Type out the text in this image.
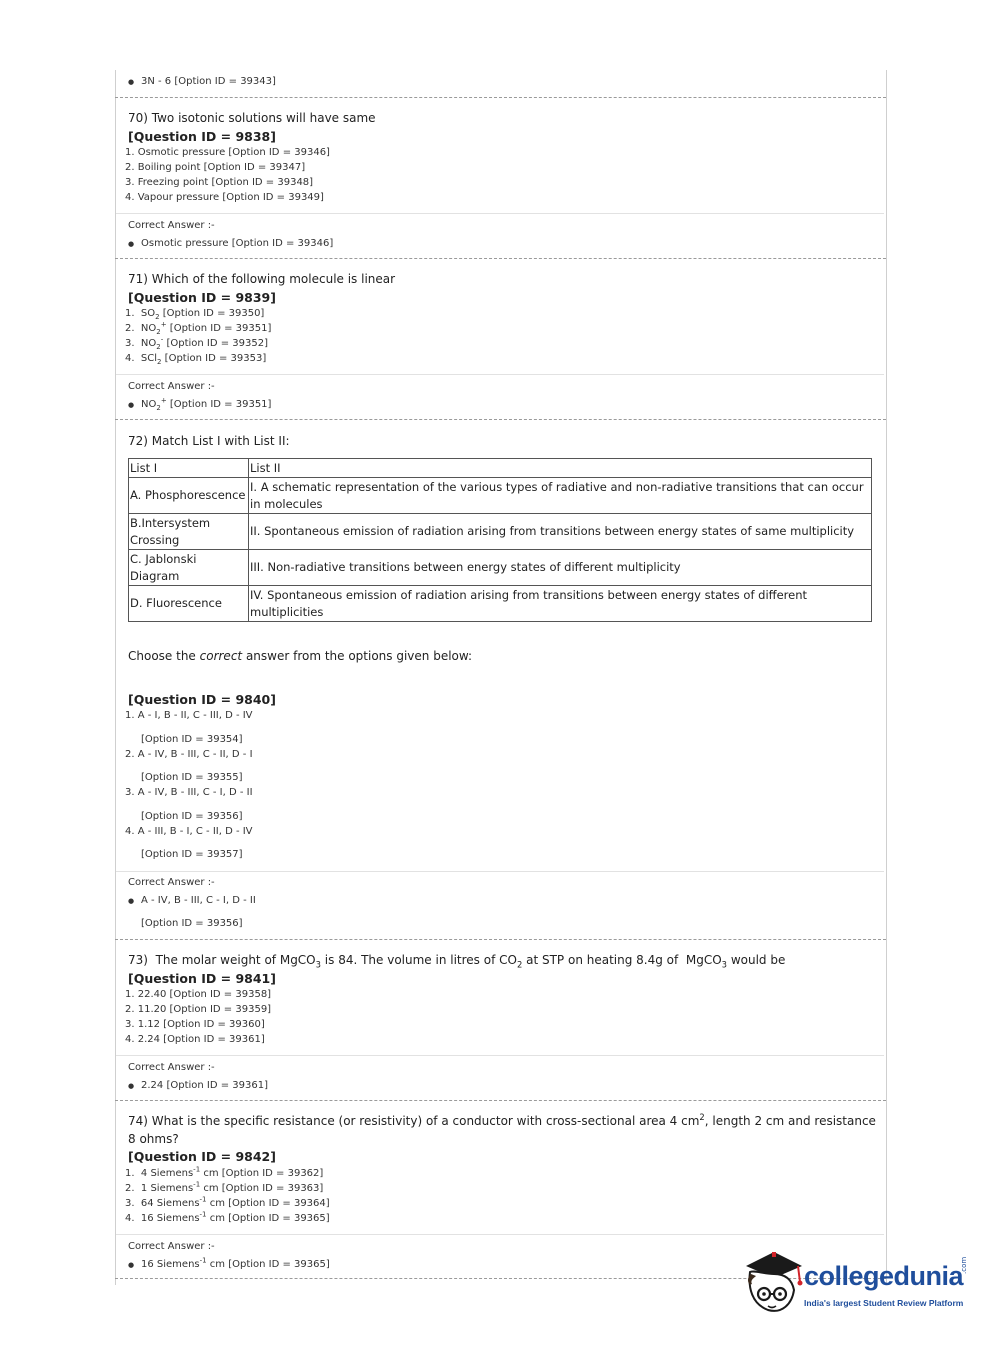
● 3N - 6 [Option ID = 39343]
70) Two isotonic solutions will have same
[Question ID = 9838]
1. Osmotic pressure [Option ID = 39346]
2. Boiling point [Option ID = 39347]
3. Freezing point [Option ID = 39348]
4. Vapour pressure [Option ID = 39349]
Correct Answer :-
● Osmotic pressure [Option ID = 39346]
71) Which of the following molecule is linear
[Question ID = 9839]
1.  $SO_2$ [Option ID = 39350]
2.  $NO_2^+$ [Option ID = 39351]
3.  $NO_2^-$ [Option ID = 39352]
4.  SCl$_2$ [Option ID = 39353]
Correct Answer :-
● $NO_2^+$ [Option ID = 39351]
72) Match List I with List II:
List I	List II
A. Phosphorescence	I. A schematic representation of the various types of radiative and non-radiative transitions that can occur in molecules
B.Intersystem Crossing	II. Spontaneous emission of radiation arising from transitions between energy states of same multiplicity
C. Jablonski Diagram	III. Non-radiative transitions between energy states of different multiplicity
D. Fluorescence	IV. Spontaneous emission of radiation arising from transitions between energy states of different multiplicities
Choose the correct answer from the options given below:
[Question ID = 9840]
1. A - I, B - II, C - III, D - IV
[Option ID = 39354]
2. A - IV, B - III, C - II, D - I
[Option ID = 39355]
3. A - IV, B - III, C - I, D - II
[Option ID = 39356]
4. A - III, B - I, C - II, D - IV
[Option ID = 39357]
Correct Answer :-
● A - IV, B - III, C - I, D - II
[Option ID = 39356]
73)  The molar weight of MgCO$_3$ is 84. The volume in litres of $CO_2$ at STP on heating 8.4g of  MgCO$_3$ would be
[Question ID = 9841]
1. 22.40 [Option ID = 39358]
2. 11.20 [Option ID = 39359]
3. 1.12 [Option ID = 39360]
4. 2.24 [Option ID = 39361]
Correct Answer :-
● 2.24 [Option ID = 39361]
74) What is the specific resistance (or resistivity) of a conductor with cross-sectional area 4 $cm^2$, length 2 cm and resistance
8 ohms?
[Question ID = 9842]
1. 4 Siemens$^{-1}$ cm [Option ID = 39362]
2. 1 Siemens$^{-1}$ cm [Option ID = 39363]
3. 64 Siemens$^{-1}$ cm [Option ID = 39364]
4. 16 Siemens$^{-1}$ cm [Option ID = 39365]
Correct Answer :-
● 16 Siemens$^{-1}$ cm [Option ID = 39365]	collegedunia
.com
India's largest Student Review Platform
